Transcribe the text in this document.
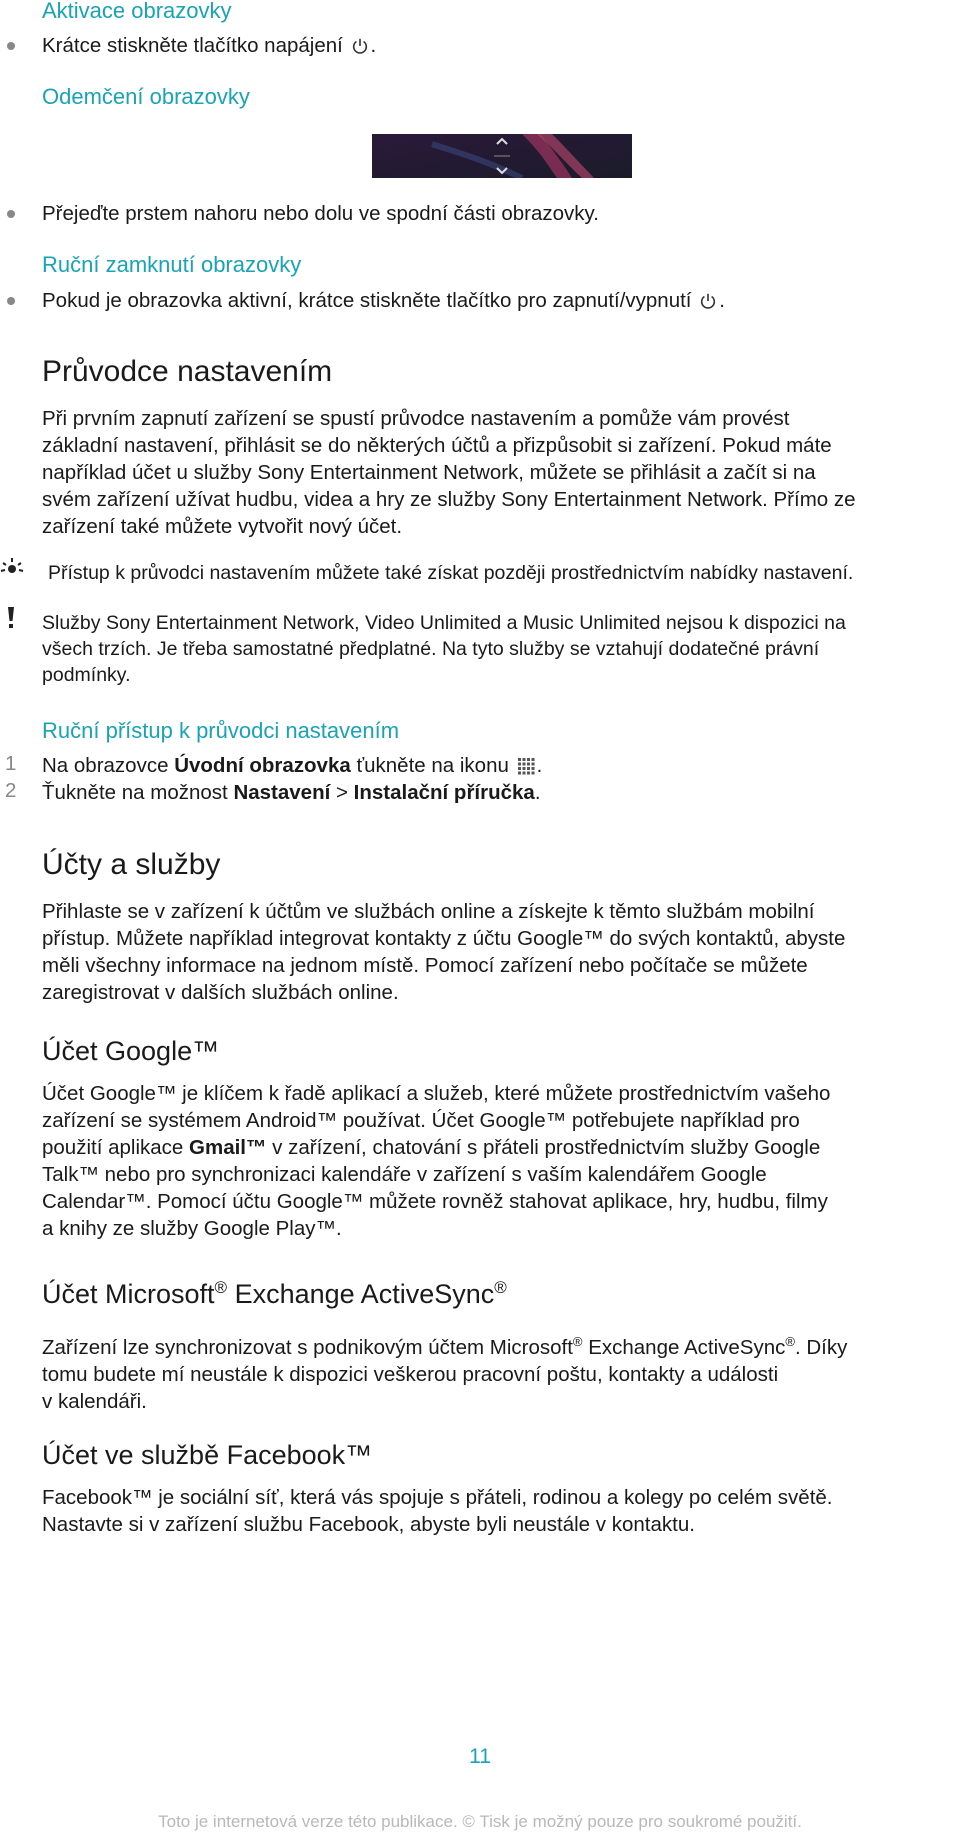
Aktivace obrazovky
Krátce stiskněte tlačítko napájení .
Odemčení obrazovky
Přejeďte prstem nahoru nebo dolu ve spodní části obrazovky.
Ruční zamknutí obrazovky
Pokud je obrazovka aktivní, krátce stiskněte tlačítko pro zapnutí/vypnutí .
Průvodce nastavením
Při prvním zapnutí zařízení se spustí průvodce nastavením a pomůže vám provést
základní nastavení, přihlásit se do některých účtů a přizpůsobit si zařízení. Pokud máte
například účet u služby Sony Entertainment Network, můžete se přihlásit a začít si na
svém zařízení užívat hudbu, videa a hry ze služby Sony Entertainment Network. Přímo ze
zařízení také můžete vytvořit nový účet.
Přístup k průvodci nastavením můžete také získat později prostřednictvím nabídky nastavení.
Služby Sony Entertainment Network, Video Unlimited a Music Unlimited nejsou k dispozici na
všech trzích. Je třeba samostatné předplatné. Na tyto služby se vztahují dodatečné právní
podmínky.
Ruční přístup k průvodci nastavením
1 Na obrazovce Úvodní obrazovka ťukněte na ikonu .
2 Ťukněte na možnost Nastavení > Instalační příručka.
Účty a služby
Přihlaste se v zařízení k účtům ve službách online a získejte k těmto službám mobilní
přístup. Můžete například integrovat kontakty z účtu Google™ do svých kontaktů, abyste
měli všechny informace na jednom místě. Pomocí zařízení nebo počítače se můžete
zaregistrovat v dalších službách online.
Účet Google™
Účet Google™ je klíčem k řadě aplikací a služeb, které můžete prostřednictvím vašeho
zařízení se systémem Android™ používat. Účet Google™ potřebujete například pro
použití aplikace Gmail™ v zařízení, chatování s přáteli prostřednictvím služby Google
Talk™ nebo pro synchronizaci kalendáře v zařízení s vaším kalendářem Google
Calendar™. Pomocí účtu Google™ můžete rovněž stahovat aplikace, hry, hudbu, filmy
a knihy ze služby Google Play™.
Účet Microsoft® Exchange ActiveSync®
Zařízení lze synchronizovat s podnikovým účtem Microsoft® Exchange ActiveSync®. Díky
tomu budete mí neustále k dispozici veškerou pracovní poštu, kontakty a události
v kalendáři.
Účet ve službě Facebook™
Facebook™ je sociální síť, která vás spojuje s přáteli, rodinou a kolegy po celém světě.
Nastavte si v zařízení službu Facebook, abyste byli neustále v kontaktu.
11
Toto je internetová verze této publikace. © Tisk je možný pouze pro soukromé použití.
